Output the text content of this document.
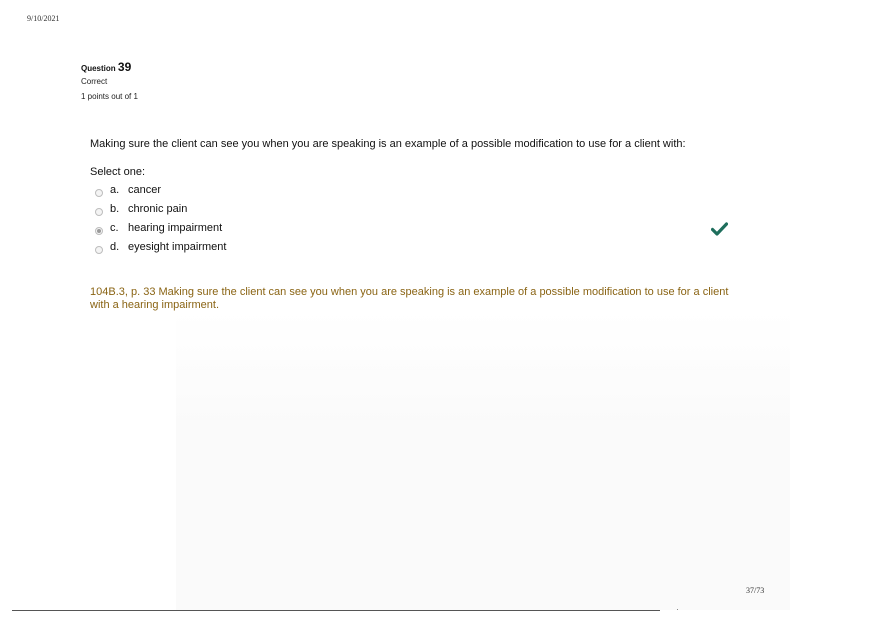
9/10/2021
Question 39
Correct
1 points out of 1
Making sure the client can see you when you are speaking is an example of a possible modification to use for a client with:
Select one:
a. cancer
b. chronic pain
c. hearing impairment
d. eyesight impairment
104B.3, p. 33 Making sure the client can see you when you are speaking is an example of a possible modification to use for a client with a hearing impairment.
37/73
